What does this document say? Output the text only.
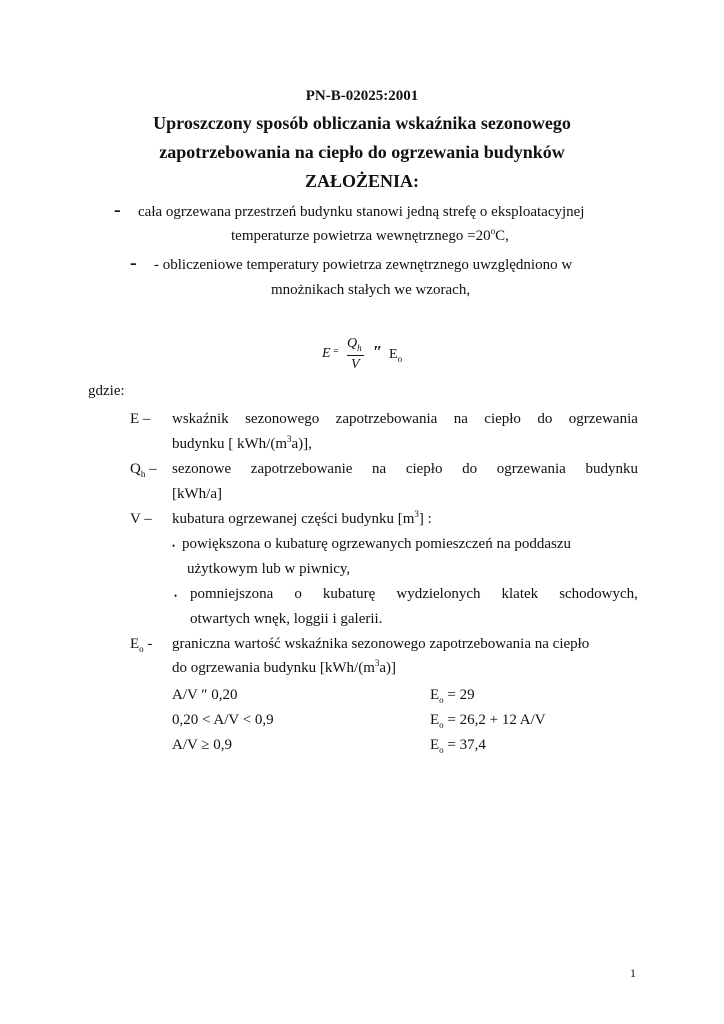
PN-B-02025:2001
Uproszczony sposób obliczania wskaźnika sezonowego
zapotrzebowania na ciepło do ogrzewania budynków
ZAŁOŻENIA:
- cała ogrzewana przestrzeń budynku stanowi jedną strefę o eksploatacyjnej
temperaturze powietrza wewnętrznego $=20^oC$,
- - obliczeniowe temperatury powietrza zewnętrznego uwzględniono w
mnożnikach stałych we wzorach,
E =
$Q_h$
V
″ $E_o$
gdzie:
E – wskaźnik sezonowego zapotrzebowania na ciepło do ogrzewania
budynku [ kWh/$(m^3a)$],
$Q_h$ – sezonowe zapotrzebowanie na ciepło do ogrzewania budynku
[kWh/a]
V – kubatura ogrzewanej części budynku $[m^3]$ :
• powiększona o kubaturę ogrzewanych pomieszczeń na poddaszu
użytkowym lub w piwnicy,
• pomniejszona o kubaturę wydzielonych klatek schodowych,
otwartych wnęk, loggii i galerii.
$E_o$ - graniczna wartość wskaźnika sezonowego zapotrzebowania na ciepło
do ogrzewania budynku $[kWh/(m^3a)]$
A/V ″ 0,20	$E_o = 29$
0,20 < A/V < 0,9	$E_o = 26,2 + 12$ A/V
A/V ≥ 0,9	$E_o = 37,4$
1
